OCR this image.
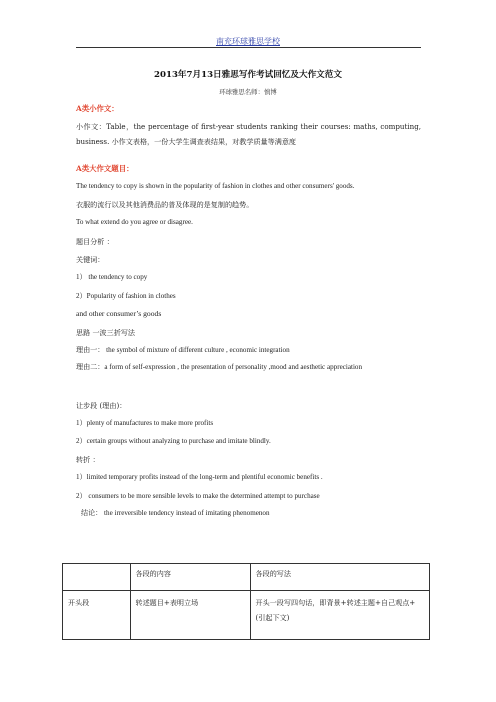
南充环球雅思学校
2013年7月13日雅思写作考试回忆及大作文范文
环球雅思名师：慎博
A类小作文：
小作文：Table，the percentage of first-year students ranking their courses: maths, computing, business. 小作文表格，一份大学生调查表结果，对教学质量等满意度
A类大作文题目：
The tendency to copy is shown in the popularity of fashion in clothes and other consumers' goods.
衣服的流行以及其他消费品的普及体现的是复制的趋势。
To what extend do you agree or disagree.
题目分析 ：
关键词：
1） the tendency to copy
2）Popularity of fashion in clothes
and other consumer’s goods
思路 一波三折写法
理由一： the symbol of mixture of different culture , economic integration
理由二：a form of self-expression , the presentation of personality ,mood and aesthetic appreciation
让步段 (理由)：
1）plenty of manufactures to make more profits
2）certain groups without analyzing to purchase and imitate blindly.
转折 ：
1）limited temporary profits instead of the long-term and plentiful economic benefits .
2） consumers to be more sensible levels to make the determined attempt to purchase
结论： the irreversible tendency instead of imitating phenomenon
	各段的内容	各段的写法
开头段	转述题目+表明立场	开头一段写四句话，即背景+转述主题+自己观点+(引起下文)
